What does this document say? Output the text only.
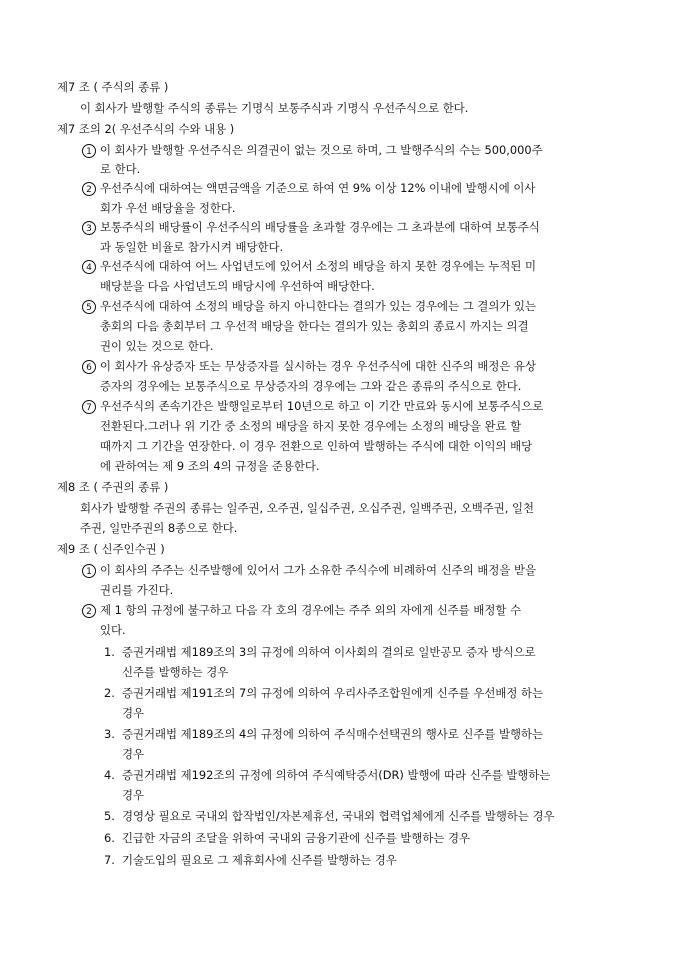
제7 조 ( 주식의 종류 )
이 회사가 발행할 주식의 종류는 기명식 보통주식과 기명식 우선주식으로 한다.
제7 조의 2( 우선주식의 수와 내용 )
1 이 회사가 발행할 우선주식은 의결권이 없는 것으로 하며, 그 발행주식의 수는 500,000주
로 한다.
2 우선주식에 대하여는 액면금액을 기준으로 하여 연 9% 이상 12% 이내에 발행시에 이사
회가 우선 배당율을 정한다.
3 보통주식의 배당률이 우선주식의 배당률을 초과할 경우에는 그 초과분에 대하여 보통주식
과 동일한 비율로 참가시켜 배당한다.
4 우선주식에 대하여 어느 사업년도에 있어서 소정의 배당을 하지 못한 경우에는 누적된 미
배당분을 다음 사업년도의 배당시에 우선하여 배당한다.
5 우선주식에 대하여 소정의 배당을 하지 아니한다는 결의가 있는 경우에는 그 결의가 있는
총회의 다음 총회부터 그 우선적 배당을 한다는 결의가 있는 총회의 종료시 까지는 의결
권이 있는 것으로 한다.
6 이 회사가 유상증자 또는 무상증자를 실시하는 경우 우선주식에 대한 신주의 배정은 유상
증자의 경우에는 보통주식으로 무상증자의 경우에는 그와 같은 종류의 주식으로 한다.
7 우선주식의 존속기간은 발행일로부터 10년으로 하고 이 기간 만료와 동시에 보통주식으로
전환된다.그러나 위 기간 중 소정의 배당을 하지 못한 경우에는 소정의 배당을 완료 할
때까지 그 기간을 연장한다. 이 경우 전환으로 인하여 발행하는 주식에 대한 이익의 배당
에 관하여는 제 9 조의 4의 규정을 준용한다.
제8 조 ( 주권의 종류 )
회사가 발행할 주권의 종류는 일주권, 오주권, 일십주권, 오십주권, 일백주권, 오백주권, 일천
주권, 일만주권의 8종으로 한다.
제9 조 ( 신주인수권 )
1 이 회사의 주주는 신주발행에 있어서 그가 소유한 주식수에 비례하여 신주의 배정을 받을
권리를 가진다.
2 제 1 항의 규정에 불구하고 다음 각 호의 경우에는 주주 외의 자에게 신주를 배정할 수
있다.
1. 증권거래법 제189조의 3의 규정에 의하여 이사회의 결의로 일반공모 증자 방식으로
신주를 발행하는 경우
2. 증권거래법 제191조의 7의 규정에 의하여 우리사주조합원에게 신주를 우선배정 하는
경우
3. 증권거래법 제189조의 4의 규정에 의하여 주식매수선택권의 행사로 신주를 발행하는
경우
4. 증권거래법 제192조의 규정에 의하여 주식예탁증서(DR) 발행에 따라 신주를 발행하는
경우
5. 경영상 필요로 국내외 합작법인/자본제휴선, 국내외 협력업체에게 신주를 발행하는 경우
6. 긴급한 자금의 조달을 위하여 국내외 금융기관에 신주를 발행하는 경우
7. 기술도입의 필요로 그 제휴회사에 신주를 발행하는 경우
